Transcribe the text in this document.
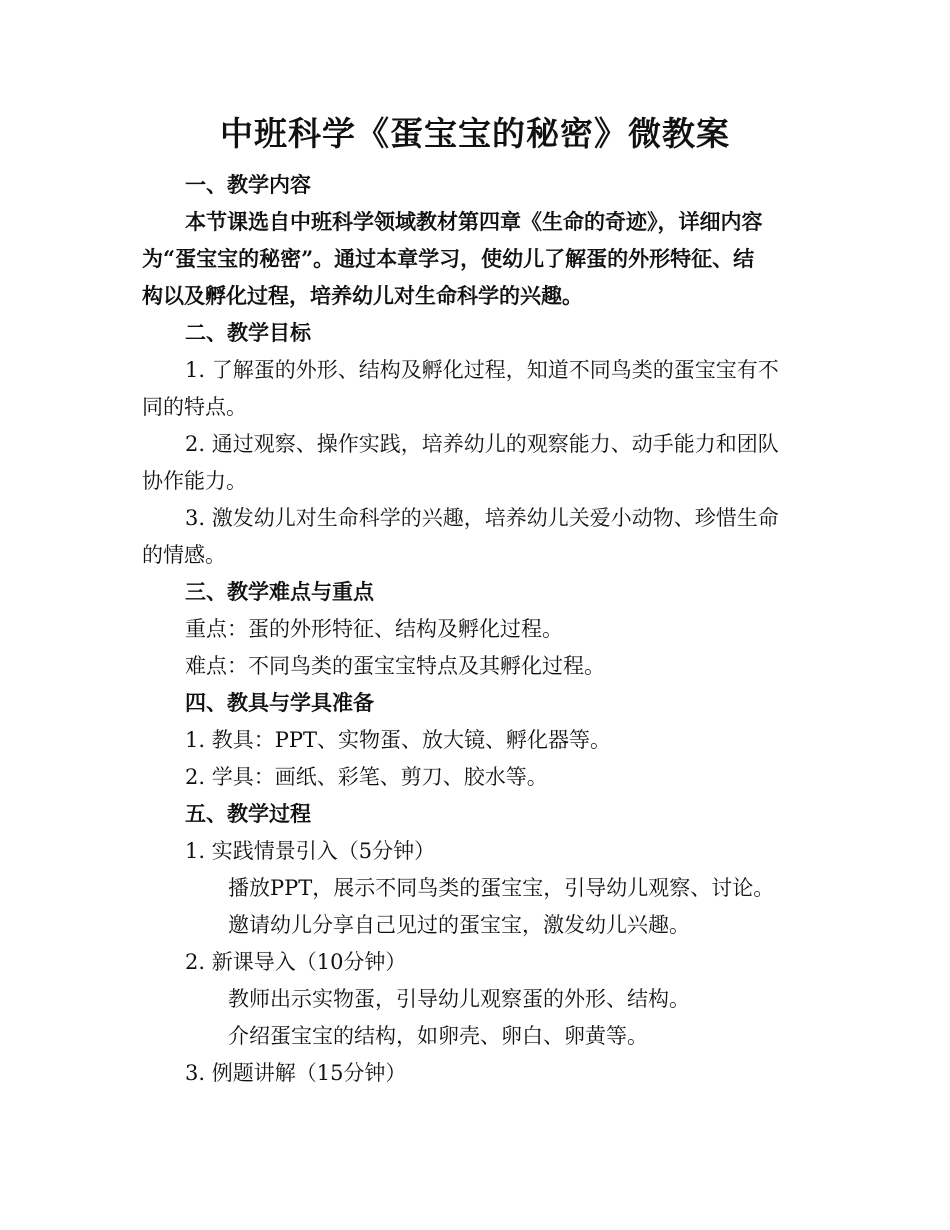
中班科学《蛋宝宝的秘密》微教案
一、教学内容
本节课选自中班科学领域教材第四章《生命的奇迹》，详细内容
为“蛋宝宝的秘密”。通过本章学习，使幼儿了解蛋的外形特征、结
构以及孵化过程，培养幼儿对生命科学的兴趣。
二、教学目标
1. 了解蛋的外形、结构及孵化过程，知道不同鸟类的蛋宝宝有不
同的特点。
2. 通过观察、操作实践，培养幼儿的观察能力、动手能力和团队
协作能力。
3. 激发幼儿对生命科学的兴趣，培养幼儿关爱小动物、珍惜生命
的情感。
三、教学难点与重点
重点：蛋的外形特征、结构及孵化过程。
难点：不同鸟类的蛋宝宝特点及其孵化过程。
四、教具与学具准备
1. 教具：PPT、实物蛋、放大镜、孵化器等。
2. 学具：画纸、彩笔、剪刀、胶水等。
五、教学过程
1. 实践情景引入（5分钟）
播放PPT，展示不同鸟类的蛋宝宝，引导幼儿观察、讨论。
邀请幼儿分享自己见过的蛋宝宝，激发幼儿兴趣。
2. 新课导入（10分钟）
教师出示实物蛋，引导幼儿观察蛋的外形、结构。
介绍蛋宝宝的结构，如卵壳、卵白、卵黄等。
3. 例题讲解（15分钟）
